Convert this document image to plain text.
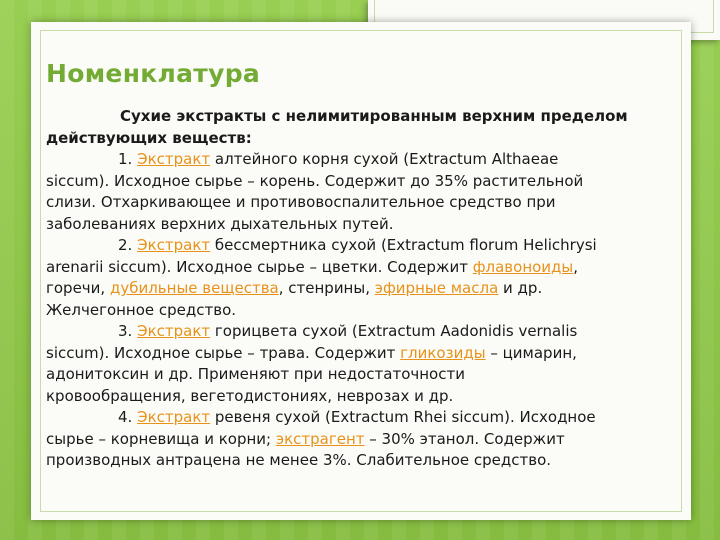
Номенклатура
Сухие экстракты с нелимитированным верхним пределом
действующих веществ:
1. Экстракт алтейного корня сухой (Extractum Althaeae
siccum). Исходное сырье – корень. Содержит до 35% растительной
слизи. Отхаркивающее и противовоспалительное средство при
заболеваниях верхних дыхательных путей.
2. Экстракт бессмертника сухой (Extractum florum Helichrysi
arenarii siccum). Исходное сырье – цветки. Содержит флавоноиды,
горечи, дубильные вещества, стенрины, эфирные масла и др.
Желчегонное средство.
3. Экстракт горицвета сухой (Extractum Aadonidis vernalis
siccum). Исходное сырье – трава. Содержит гликозиды – цимарин,
адонитоксин и др. Применяют при недостаточности
кровообращения, вегетодистониях, неврозах и др.
4. Экстракт ревеня сухой (Extractum Rhei siccum). Исходное
сырье – корневища и корни; экстрагент – 30% этанол. Содержит
производных антрацена не менее 3%. Слабительное средство.
